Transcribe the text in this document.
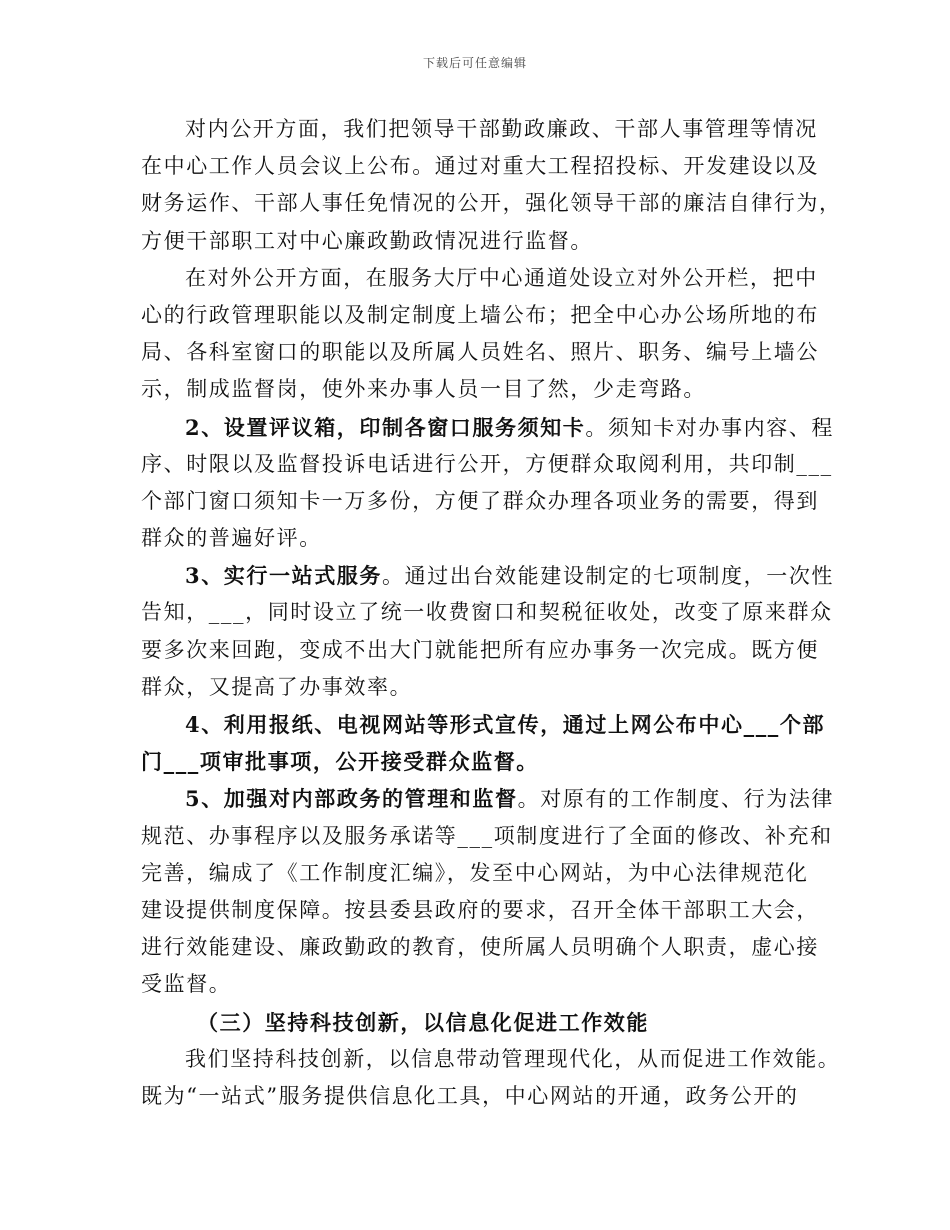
下载后可任意编辑
对内公开方面，我们把领导干部勤政廉政、干部人事管理等情况
在中心工作人员会议上公布。通过对重大工程招投标、开发建设以及
财务运作、干部人事任免情况的公开，强化领导干部的廉洁自律行为，
方便干部职工对中心廉政勤政情况进行监督。
在对外公开方面，在服务大厅中心通道处设立对外公开栏，把中
心的行政管理职能以及制定制度上墙公布；把全中心办公场所地的布
局、各科室窗口的职能以及所属人员姓名、照片、职务、编号上墙公
示，制成监督岗，使外来办事人员一目了然，少走弯路。
2、设置评议箱，印制各窗口服务须知卡。须知卡对办事内容、程
序、时限以及监督投诉电话进行公开，方便群众取阅利用，共印制___
个部门窗口须知卡一万多份，方便了群众办理各项业务的需要，得到
群众的普遍好评。
3、实行一站式服务。通过出台效能建设制定的七项制度，一次性
告知，___，同时设立了统一收费窗口和契税征收处，改变了原来群众
要多次来回跑，变成不出大门就能把所有应办事务一次完成。既方便
群众，又提高了办事效率。
4、利用报纸、电视网站等形式宣传，通过上网公布中心___个部
门___项审批事项，公开接受群众监督。
5、加强对内部政务的管理和监督。对原有的工作制度、行为法律
规范、办事程序以及服务承诺等___项制度进行了全面的修改、补充和
完善，编成了《工作制度汇编》，发至中心网站，为中心法律规范化
建设提供制度保障。按县委县政府的要求，召开全体干部职工大会，
进行效能建设、廉政勤政的教育，使所属人员明确个人职责，虚心接
受监督。
（三）坚持科技创新，以信息化促进工作效能
我们坚持科技创新，以信息带动管理现代化，从而促进工作效能。
既为“一站式”服务提供信息化工具，中心网站的开通，政务公开的
